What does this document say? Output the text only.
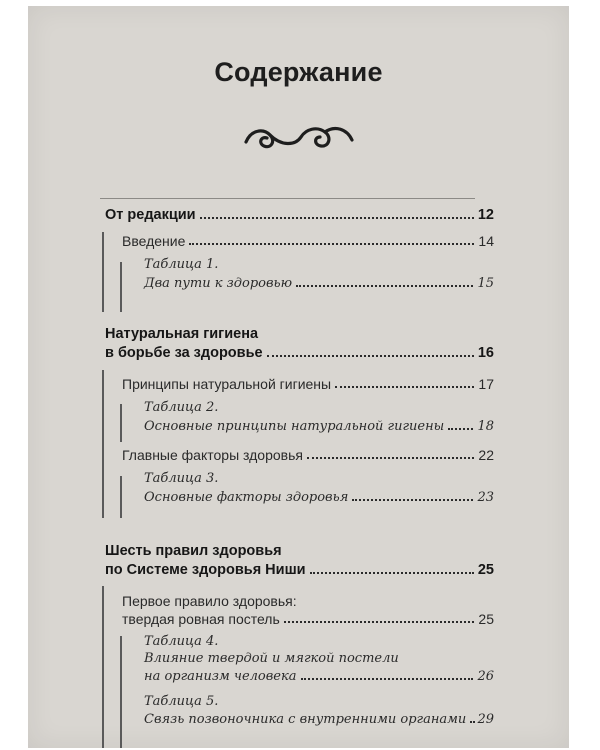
Содержание
От редакции	12
Введение	14
Таблица 1.
Два пути к здоровью	15
Натуральная гигиена
в борьбе за здоровье	16
Принципы натуральной гигиены	17
Таблица 2.
Основные принципы натуральной гигиены	18
Главные факторы здоровья	22
Таблица 3.
Основные факторы здоровья	23
Шесть правил здоровья
по Системе здоровья Ниши	25
Первое правило здоровья:
твердая ровная постель	25
Таблица 4.
Влияние твердой и мягкой постели
на организм человека	26
Таблица 5.
Связь позвоночника с внутренними органами 29
